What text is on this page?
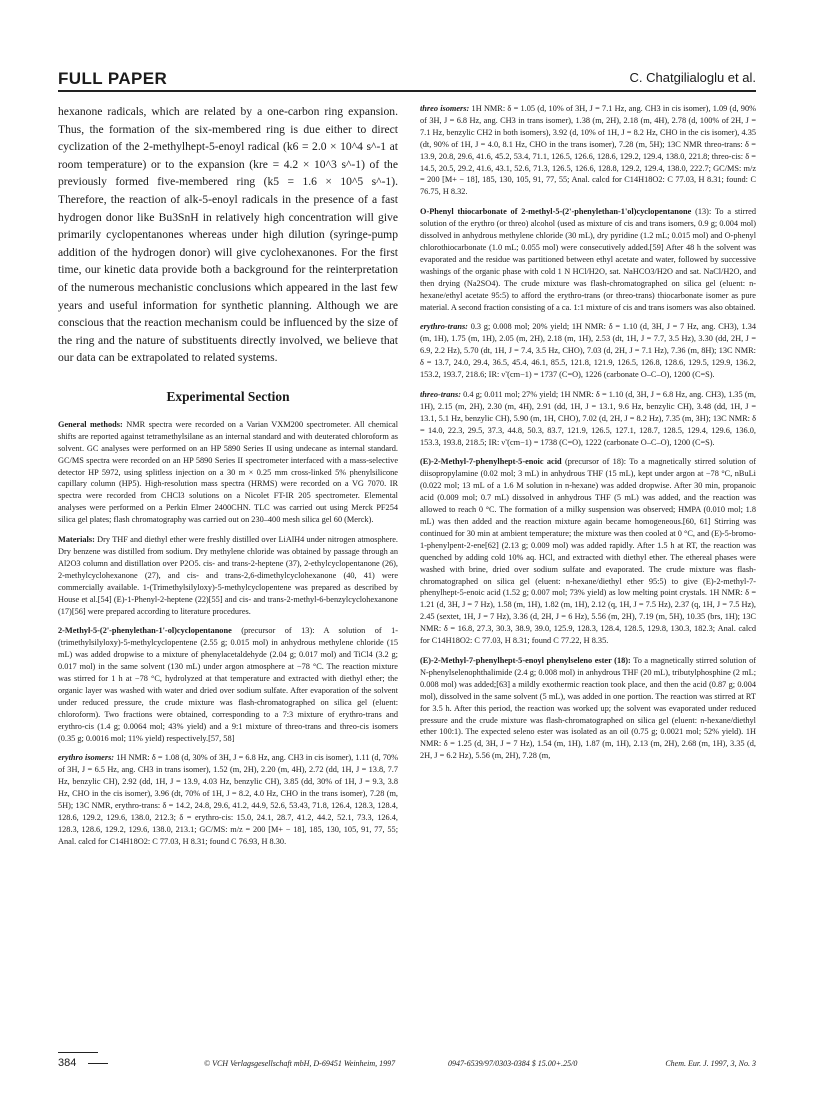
FULL PAPER	C. Chatgilialoglu et al.

hexanone radicals, which are related by a one-carbon ring expansion. Thus, the formation of the six-membered ring is due either to direct cyclization of the 2-methylhept-5-enoyl radical (k6 = 2.0 × 10^4 s^-1 at room temperature) or to the expansion (kre = 4.2 × 10^3 s^-1) of the previously formed five-membered ring (k5 = 1.6 × 10^5 s^-1). Therefore, the reaction of alk-5-enoyl radicals in the presence of a fast hydrogen donor like Bu3SnH in relatively high concentration will give primarily cyclopentanones whereas under high dilution (syringe-pump addition of the hydrogen donor) will give cyclohexanones. For the first time, our kinetic data provide both a background for the reinterpretation of the numerous mechanistic conclusions which appeared in the last few years and useful information for synthetic planning. Although we are conscious that the reaction mechanism could be influenced by the size of the ring and the nature of substituents directly involved, we believe that our data can be extrapolated to related systems.

Experimental Section

General methods: NMR spectra were recorded on a Varian VXM200 spectrometer. All chemical shifts are reported against tetramethylsilane as an internal standard and with deuterated chloroform as solvent. GC analyses were performed on an HP 5890 Series II using undecane as internal standard. GC/MS spectra were recorded on an HP 5890 Series II spectrometer interfaced with a mass-selective detector HP 5972, using splitless injection on a 30 m × 0.25 mm cross-linked 5% phenylsilicone capillary column (HP5). High-resolution mass spectra (HRMS) were recorded on a VG 7070. IR spectra were recorded from CHCl3 solutions on a Nicolet FT-IR 205 spectrometer. Elemental analyses were performed on a Perkin Elmer 2400CHN. TLC was carried out using Merck PF254 silica gel plates; flash chromatography was carried out on 230–400 mesh silica gel 60 (Merck).

Materials: Dry THF and diethyl ether were freshly distilled over LiAlH4 under nitrogen atmosphere. Dry benzene was distilled from sodium. Dry methylene chloride was obtained by passage through an Al2O3 column and distillation over P2O5. cis- and trans-2-heptene (37), 2-ethylcyclopentanone (26), 2-methylcyclohexanone (27), and cis- and trans-2,6-dimethylcyclohexanone (40, 41) were commercially available. 1-(Trimethylsilyloxy)-5-methylcyclopentene was prepared as described by House et al.[54] (E)-1-Phenyl-2-heptene (22)[55] and cis- and trans-2-methyl-6-benzylcyclohexanone (17)[56] were prepared according to literature procedures.

2-Methyl-5-(2'-phenylethan-1'-ol)cyclopentanone (precursor of 13): A solution of 1-(trimethylsilyloxy)-5-methylcyclopentene (2.55 g; 0.015 mol) in anhydrous methylene chloride (15 mL) was added dropwise to a mixture of phenylacetaldehyde (2.04 g; 0.017 mol) and TiCl4 (3.2 g; 0.017 mol) in the same solvent (130 mL) under argon atmosphere at −78 °C. The reaction mixture was stirred for 1 h at −78 °C, hydrolyzed at that temperature and extracted with diethyl ether; the organic layer was washed with water and dried over sodium sulfate. After evaporation of the solvent under reduced pressure, the crude mixture was flash-chromatographed on silica gel (eluent: chloroform). Two fractions were obtained, corresponding to a 7:3 mixture of erythro-trans and erythro-cis (1.4 g; 0.0064 mol; 43% yield) and a 9:1 mixture of threo-trans and threo-cis isomers (0.35 g; 0.0016 mol; 11% yield) respectively.[57, 58]

erythro isomers: 1H NMR: δ = 1.08 (d, 30% of 3H, J = 6.8 Hz, ang. CH3 in cis isomer), 1.11 (d, 70% of 3H, J = 6.5 Hz, ang. CH3 in trans isomer), 1.52 (m, 2H), 2.20 (m, 4H), 2.72 (dd, 1H, J = 13.8, 7.7 Hz, benzylic CH), 2.92 (dd, 1H, J = 13.9, 4.03 Hz, benzylic CH), 3.85 (dd, 30% of 1H, J = 9.3, 3.8 Hz, CHO in the cis isomer), 3.96 (dt, 70% of 1H, J = 8.2, 4.0 Hz, CHO in the trans isomer), 7.28 (m, 5H); 13C NMR, erythro-trans: δ = 14.2, 24.8, 29.6, 41.2, 44.9, 52.6, 53.43, 71.8, 126.4, 128.3, 128.4, 128.6, 129.2, 129.6, 138.0, 212.3; δ = erythro-cis: 15.0, 24.1, 28.7, 41.2, 44.2, 52.1, 73.3, 126.4, 128.3, 128.6, 129.2, 129.6, 138.0, 213.1; GC/MS: m/z = 200 [M+ − 18], 185, 130, 105, 91, 77, 55; Anal. calcd for C14H18O2: C 77.03, H 8.31; found C 76.93, H 8.30.

threo isomers: 1H NMR: δ = 1.05 (d, 10% of 3H, J = 7.1 Hz, ang. CH3 in cis isomer), 1.09 (d, 90% of 3H, J = 6.8 Hz, ang. CH3 in trans isomer), 1.38 (m, 2H), 2.18 (m, 4H), 2.78 (d, 100% of 2H, J = 7.1 Hz, benzylic CH2 in both isomers), 3.92 (d, 10% of 1H, J = 8.2 Hz, CHO in the cis isomer), 4.35 (dt, 90% of 1H, J = 4.0, 8.1 Hz, CHO in the trans isomer), 7.28 (m, 5H); 13C NMR threo-trans: δ = 13.9, 20.8, 29.6, 41.6, 45.2, 53.4, 71.1, 126.5, 126.6, 128.6, 129.2, 129.4, 138.0, 221.8; threo-cis: δ = 14.5, 20.5, 29.2, 41.6, 43.1, 52.6, 71.3, 126.5, 126.6, 128.8, 129.2, 129.4, 138.0, 222.7; GC/MS: m/z = 200 [M+ − 18], 185, 130, 105, 91, 77, 55; Anal. calcd for C14H18O2: C 77.03, H 8.31; found: C 76.75, H 8.32.

O-Phenyl thiocarbonate of 2-methyl-5-(2'-phenylethan-1'ol)cyclopentanone (13): To a stirred solution of the erythro (or threo) alcohol (used as mixture of cis and trans isomers, 0.9 g; 0.004 mol) dissolved in anhydrous methylene chloride (30 mL), dry pyridine (1.2 mL; 0.015 mol) and O-phenyl chlorothiocarbonate (1.0 mL; 0.055 mol) were consecutively added.[59] After 48 h the solvent was evaporated and the residue was partitioned between ethyl acetate and water, followed by successive washings of the organic phase with cold 1 N HCl/H2O, sat. NaHCO3/H2O and sat. NaCl/H2O, and then drying (Na2SO4). The crude mixture was flash-chromatographed on silica gel (eluent: n-hexane/ethyl acetate 95:5) to afford the erythro-trans (or threo-trans) thiocarbonate isomer as pure material. A second fraction consisting of a ca. 1:1 mixture of cis and trans isomers was also obtained.

erythro-trans: 0.3 g; 0.008 mol; 20% yield; 1H NMR: δ = 1.10 (d, 3H, J = 7 Hz, ang. CH3), 1.34 (m, 1H), 1.75 (m, 1H), 2.05 (m, 2H), 2.18 (m, 1H), 2.53 (dt, 1H, J = 7.7, 3.5 Hz), 3.30 (dd, 2H, J = 6.9, 2.2 Hz), 5.70 (dt, 1H, J = 7.4, 3.5 Hz, CHO), 7.03 (d, 2H, J = 7.1 Hz), 7.36 (m, 8H); 13C NMR: δ = 13.7, 24.0, 29.4, 36.5, 45.4, 46.1, 85.5, 121.8, 121.9, 126.5, 126.8, 128.6, 129.5, 129.9, 136.2, 153.2, 193.7, 218.6; IR: ν̃ (cm−1) = 1737 (C=O), 1226 (carbonate O–C–O), 1200 (C=S).

threo-trans: 0.4 g; 0.011 mol; 27% yield; 1H NMR: δ = 1.10 (d, 3H, J = 6.8 Hz, ang. CH3), 1.35 (m, 1H), 2.15 (m, 2H), 2.30 (m, 4H), 2.91 (dd, 1H, J = 13.1, 9.6 Hz, benzylic CH), 3.48 (dd, 1H, J = 13.1, 5.1 Hz, benzylic CH), 5.90 (m, 1H, CHO), 7.02 (d, 2H, J = 8.2 Hz), 7.35 (m, 3H); 13C NMR: δ = 14.0, 22.3, 29.5, 37.3, 44.8, 50.3, 83.7, 121.9, 126.5, 127.1, 128.7, 128.5, 129.4, 129.6, 136.0, 153.3, 193.8, 218.5; IR: ν̃ (cm−1) = 1738 (C=O), 1222 (carbonate O–C–O), 1200 (C=S).

(E)-2-Methyl-7-phenylhept-5-enoic acid (precursor of 18): To a magnetically stirred solution of diisopropylamine (0.02 mol; 3 mL) in anhydrous THF (15 mL), kept under argon at −78 °C, nBuLi (0.022 mol; 13 mL of a 1.6 M solution in n-hexane) was added dropwise. After 30 min, propanoic acid (0.009 mol; 0.7 mL) dissolved in anhydrous THF (5 mL) was added, and the reaction was allowed to reach 0 °C. The formation of a milky suspension was observed; HMPA (0.010 mol; 1.8 mL) was then added and the reaction mixture again became homogeneous.[60, 61] Stirring was continued for 30 min at ambient temperature; the mixture was then cooled at 0 °C, and (E)-5-bromo-1-phenylpent-2-ene[62] (2.13 g; 0.009 mol) was added rapidly. After 1.5 h at RT, the reaction was quenched by adding cold 10% aq. HCl, and extracted with diethyl ether. The ethereal phases were washed with brine, dried over sodium sulfate and evaporated. The crude mixture was flash-chromatographed on silica gel (eluent: n-hexane/diethyl ether 95:5) to give (E)-2-methyl-7-phenylhept-5-enoic acid (1.52 g; 0.007 mol; 73% yield) as low melting point crystals. 1H NMR: δ = 1.21 (d, 3H, J = 7 Hz), 1.58 (m, 1H), 1.82 (m, 1H), 2.12 (q, 1H, J = 7.5 Hz), 2.37 (q, 1H, J = 7.5 Hz), 2.45 (sextet, 1H, J = 7 Hz), 3.36 (d, 2H, J = 6 Hz), 5.56 (m, 2H), 7.19 (m, 5H), 10.35 (brs, 1H); 13C NMR: δ = 16.8, 27.3, 30.3, 38.9, 39.0, 125.9, 128.3, 128.4, 128.5, 129.8, 130.3, 182.3; Anal. calcd for C14H18O2: C 77.03, H 8.31; found C 77.22, H 8.35.

(E)-2-Methyl-7-phenylhept-5-enoyl phenylseleno ester (18): To a magnetically stirred solution of N-phenylselenophthalimide (2.4 g; 0.008 mol) in anhydrous THF (20 mL), tributylphosphine (2 mL; 0.008 mol) was added;[63] a mildly exothermic reaction took place, and then the acid (0.87 g; 0.004 mol), dissolved in the same solvent (5 mL), was added in one portion. The reaction was stirred at RT for 3.5 h. After this period, the reaction was worked up; the solvent was evaporated under reduced pressure and the crude mixture was flash-chromatographed on silica gel (eluent: n-hexane/diethyl ether 100:1). The expected seleno ester was isolated as an oil (0.75 g; 0.0021 mol; 52% yield). 1H NMR: δ = 1.25 (d, 3H, J = 7 Hz), 1.54 (m, 1H), 1.87 (m, 1H), 2.13 (m, 2H), 2.68 (m, 1H), 3.35 (d, 2H, J = 6.2 Hz), 5.56 (m, 2H), 7.28 (m,

384	© VCH Verlagsgesellschaft mbH, D-69451 Weinheim, 1997	0947-6539/97/0303-0384 $ 15.00+.25/0	Chem. Eur. J. 1997, 3, No. 3
